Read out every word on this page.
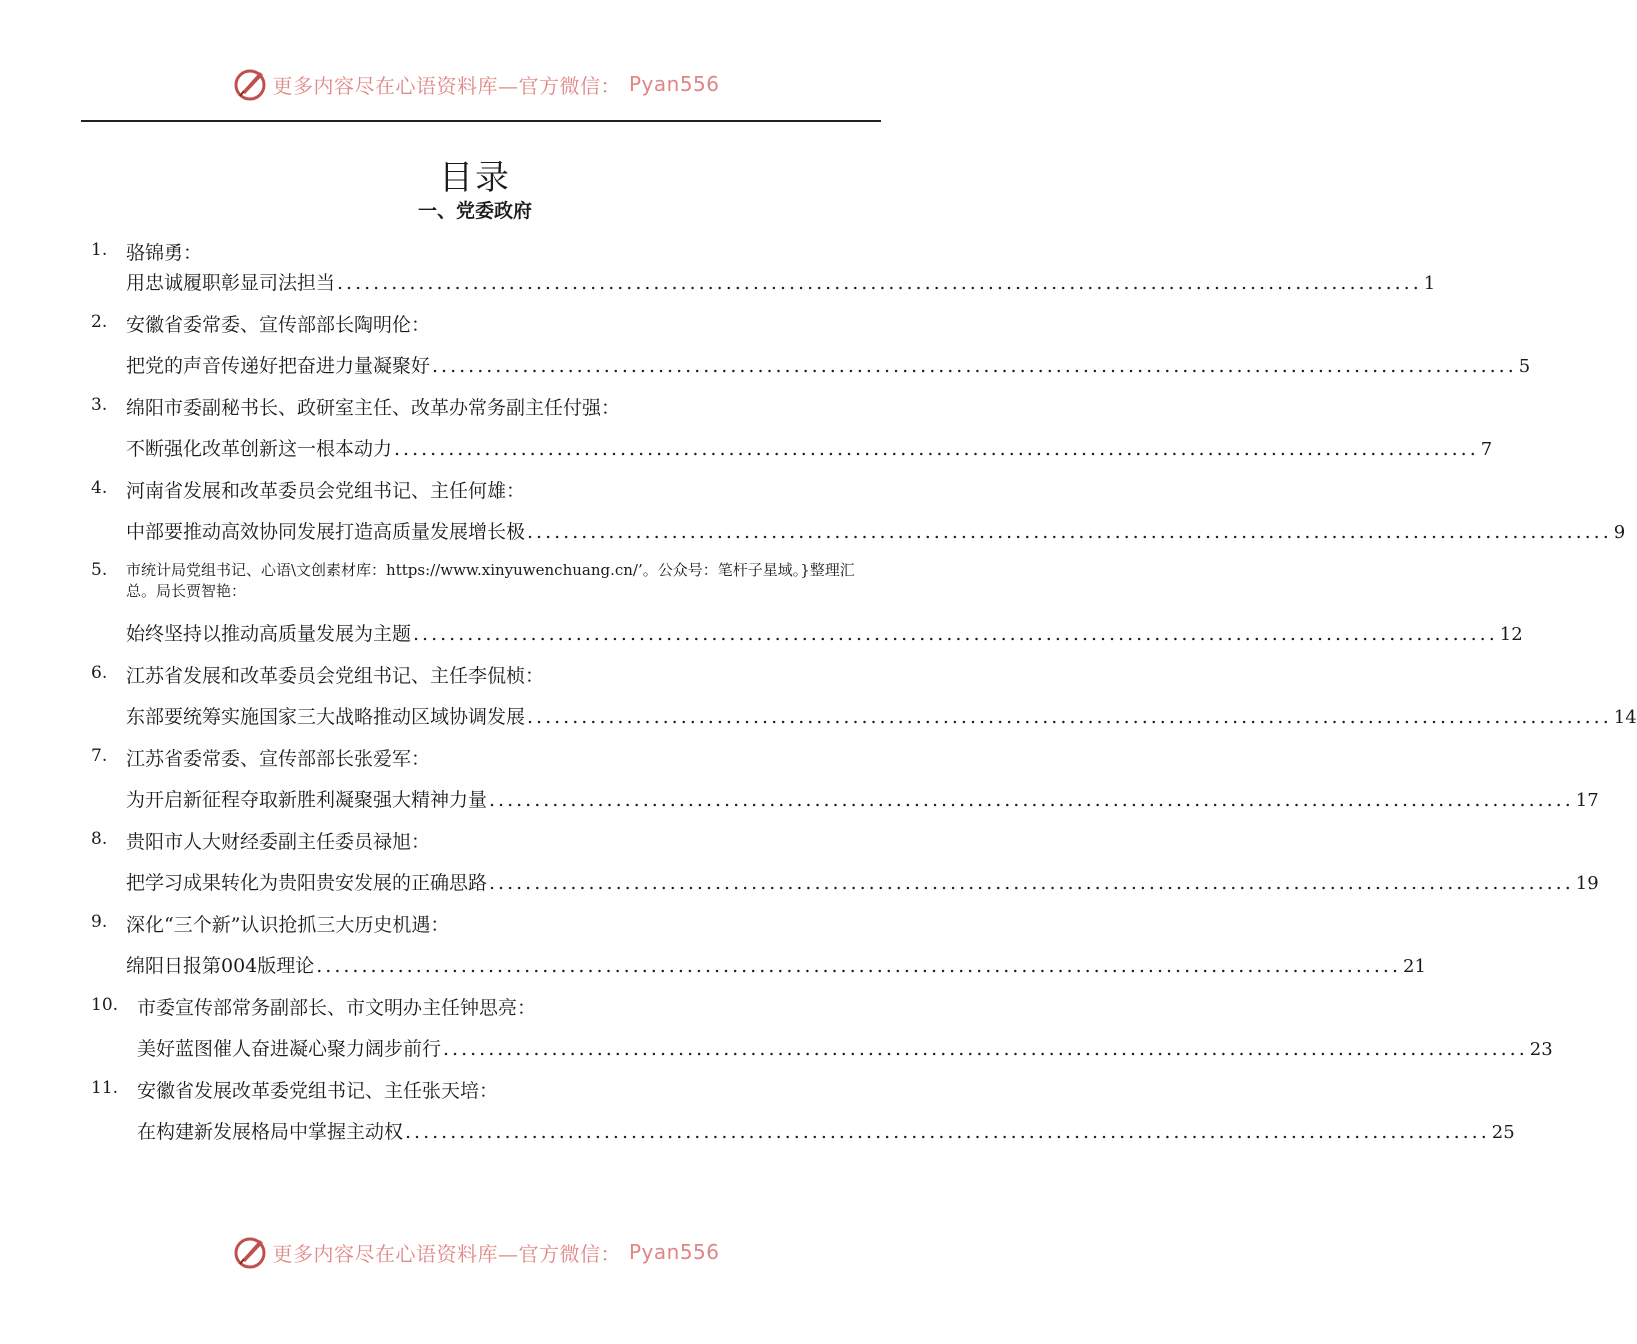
更多内容尽在心语资料库—官方微信： Pyan556
目录
一、党委政府
1. 骆锦勇：
用忠诚履职彰显司法担当 ........................................................................................................................ 1
2. 安徽省委常委、宣传部部长陶明伦：
把党的声音传递好把奋进力量凝聚好 ........................................................................................................................ 5
3. 绵阳市委副秘书长、政研室主任、改革办常务副主任付强：
不断强化改革创新这一根本动力 ........................................................................................................................ 7
4. 河南省发展和改革委员会党组书记、主任何雄：
中部要推动高效协同发展打造高质量发展增长极 ........................................................................................................................ 9
5. 市统计局党组书记、心语\文创素材库：https://www.xinyuwenchuang.cn/’。公众号：笔杆子星域。}整理汇总。局长贾智艳：
始终坚持以推动高质量发展为主题 ........................................................................................................................ 12
6. 江苏省发展和改革委员会党组书记、主任李侃桢：
东部要统筹实施国家三大战略推动区域协调发展 ........................................................................................................................ 14
7. 江苏省委常委、宣传部部长张爱军：
为开启新征程夺取新胜利凝聚强大精神力量 ........................................................................................................................ 17
8. 贵阳市人大财经委副主任委员禄旭：
把学习成果转化为贵阳贵安发展的正确思路 ........................................................................................................................ 19
9. 深化“三个新”认识抢抓三大历史机遇：
绵阳日报第004版理论 ........................................................................................................................ 21
10. 市委宣传部常务副部长、市文明办主任钟思亮：
美好蓝图催人奋进凝心聚力阔步前行 ........................................................................................................................ 23
11. 安徽省发展改革委党组书记、主任张天培：
在构建新发展格局中掌握主动权 ........................................................................................................................ 25
更多内容尽在心语资料库—官方微信： Pyan556
